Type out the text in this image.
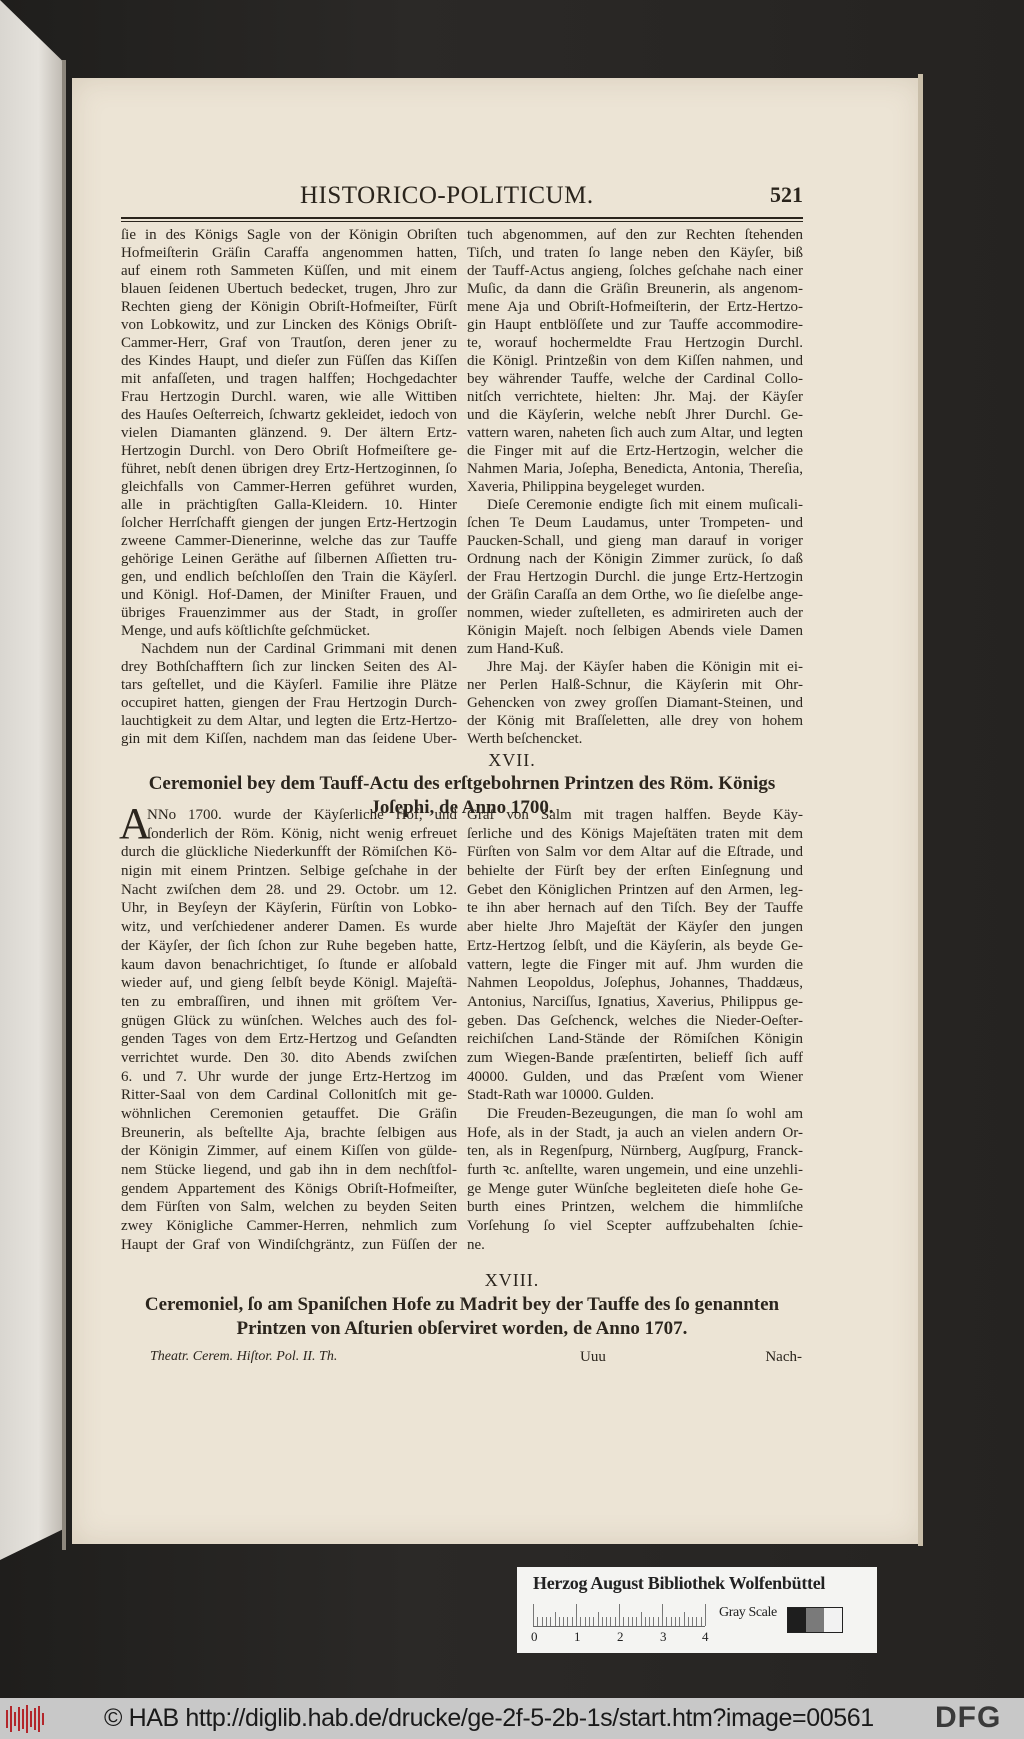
HISTORICO-POLITICUM.	521
ſie in des Königs Sagle von der Königin Obriſten
Hofmeiſterin Gräſin Caraffa angenommen hatten,
auf einem roth Sammeten Küſſen, und mit einem
blauen ſeidenen Ubertuch bedecket, trugen, Jhro zur
Rechten gieng der Königin Obriſt-Hofmeiſter, Fürſt
von Lobkowitz, und zur Lincken des Königs Obriſt-
Cammer-Herr, Graf von Trautſon, deren jener zu
des Kindes Haupt, und dieſer zun Füſſen das Kiſſen
mit anfaſſeten, und tragen halffen; Hochgedachter
Frau Hertzogin Durchl. waren, wie alle Wittiben
des Hauſes Oeſterreich, ſchwartz gekleidet, iedoch von
vielen Diamanten glänzend. 9. Der ältern Ertz-
Hertzogin Durchl. von Dero Obriſt Hofmeiſtere ge-
führet, nebſt denen übrigen drey Ertz-Hertzoginnen, ſo
gleichfalls von Cammer-Herren geführet wurden,
alle in prächtigſten Galla-Kleidern. 10. Hinter
ſolcher Herrſchafft giengen der jungen Ertz-Hertzogin
zweene Cammer-Dienerinne, welche das zur Tauffe
gehörige Leinen Geräthe auf ſilbernen Aſſietten tru-
gen, und endlich beſchloſſen den Train die Käyſerl.
und Königl. Hof-Damen, der Miniſter Frauen, und
übriges Frauenzimmer aus der Stadt, in groſſer
Menge, und aufs köſtlichſte geſchmücket.
Nachdem nun der Cardinal Grimmani mit denen
drey Bothſchafftern ſich zur lincken Seiten des Al-
tars geſtellet, und die Käyſerl. Familie ihre Plätze
occupiret hatten, giengen der Frau Hertzogin Durch-
lauchtigkeit zu dem Altar, und legten die Ertz-Hertzo-
gin mit dem Kiſſen, nachdem man das ſeidene Uber-
tuch abgenommen, auf den zur Rechten ſtehenden
Tiſch, und traten ſo lange neben den Käyſer, biß
der Tauff-Actus angieng, ſolches geſchahe nach einer
Muſic, da dann die Gräſin Breunerin, als angenom-
mene Aja und Obriſt-Hofmeiſterin, der Ertz-Hertzo-
gin Haupt entblöſſete und zur Tauffe accommodire-
te, worauf hochermeldte Frau Hertzogin Durchl.
die Königl. Printzeßin von dem Kiſſen nahmen, und
bey währender Tauffe, welche der Cardinal Collo-
nitſch verrichtete, hielten: Jhr. Maj. der Käyſer
und die Käyſerin, welche nebſt Jhrer Durchl. Ge-
vattern waren, naheten ſich auch zum Altar, und legten
die Finger mit auf die Ertz-Hertzogin, welcher die
Nahmen Maria, Joſepha, Benedicta, Antonia, Thereſia,
Xaveria, Philippina beygeleget wurden.
Dieſe Ceremonie endigte ſich mit einem muſicali-
ſchen Te Deum Laudamus, unter Trompeten- und
Paucken-Schall, und gieng man darauf in voriger
Ordnung nach der Königin Zimmer zurück, ſo daß
der Frau Hertzogin Durchl. die junge Ertz-Hertzogin
der Gräſin Caraſſa an dem Orthe, wo ſie dieſelbe ange-
nommen, wieder zuſtelleten, es admirireten auch der
Königin Majeſt. noch ſelbigen Abends viele Damen
zum Hand-Kuß.
Jhre Maj. der Käyſer haben die Königin mit ei-
ner Perlen Halß-Schnur, die Käyſerin mit Ohr-
Gehencken von zwey groſſen Diamant-Steinen, und
der König mit Braſſeletten, alle drey von hohem
Werth beſchencket.
XVII.
Ceremoniel bey dem Tauff-Actu des erſtgebohrnen Printzen des Röm. Königs
Joſephi, de Anno 1700.
A
NNo 1700. wurde der Käyſerliche Hof, und
ſonderlich der Röm. König, nicht wenig erfreuet
durch die glückliche Niederkunfft der Römiſchen Kö-
nigin mit einem Printzen. Selbige geſchahe in der
Nacht zwiſchen dem 28. und 29. Octobr. um 12.
Uhr, in Beyſeyn der Käyſerin, Fürſtin von Lobko-
witz, und verſchiedener anderer Damen. Es wurde
der Käyſer, der ſich ſchon zur Ruhe begeben hatte,
kaum davon benachrichtiget, ſo ſtunde er alſobald
wieder auf, und gieng ſelbſt beyde Königl. Majeſtä-
ten zu embraſſiren, und ihnen mit gröſtem Ver-
gnügen Glück zu wünſchen. Welches auch des fol-
genden Tages von dem Ertz-Hertzog und Geſandten
verrichtet wurde. Den 30. dito Abends zwiſchen
6. und 7. Uhr wurde der junge Ertz-Hertzog im
Ritter-Saal von dem Cardinal Collonitſch mit ge-
wöhnlichen Ceremonien getauffet. Die Gräſin
Breunerin, als beſtellte Aja, brachte ſelbigen aus
der Königin Zimmer, auf einem Kiſſen von gülde-
nem Stücke liegend, und gab ihn in dem nechſtfol-
gendem Appartement des Königs Obriſt-Hofmeiſter,
dem Fürſten von Salm, welchen zu beyden Seiten
zwey Königliche Cammer-Herren, nehmlich zum
Haupt der Graf von Windiſchgräntz, zun Füſſen der
Graf von Salm mit tragen halffen. Beyde Käy-
ſerliche und des Königs Majeſtäten traten mit dem
Fürſten von Salm vor dem Altar auf die Eſtrade, und
behielte der Fürſt bey der erſten Einſegnung und
Gebet den Königlichen Printzen auf den Armen, leg-
te ihn aber hernach auf den Tiſch. Bey der Tauffe
aber hielte Jhro Majeſtät der Käyſer den jungen
Ertz-Hertzog ſelbſt, und die Käyſerin, als beyde Ge-
vattern, legte die Finger mit auf. Jhm wurden die
Nahmen Leopoldus, Joſephus, Johannes, Thaddæus,
Antonius, Narciſſus, Ignatius, Xaverius, Philippus ge-
geben. Das Geſchenck, welches die Nieder-Oeſter-
reichiſchen Land-Stände der Römiſchen Königin
zum Wiegen-Bande præſentirten, belieff ſich auff
40000. Gulden, und das Præſent vom Wiener
Stadt-Rath war 10000. Gulden.
Die Freuden-Bezeugungen, die man ſo wohl am
Hofe, als in der Stadt, ja auch an vielen andern Or-
ten, als in Regenſpurg, Nürnberg, Augſpurg, Franck-
furth ꝛc. anſtellte, waren ungemein, und eine unzehli-
ge Menge guter Wünſche begleiteten dieſe hohe Ge-
burth eines Printzen, welchem die himmliſche
Vorſehung ſo viel Scepter auffzubehalten ſchie-
ne.
XVIII.
Ceremoniel, ſo am Spaniſchen Hofe zu Madrit bey der Tauffe des ſo genannten
Printzen von Aſturien obſerviret worden, de Anno 1707.
Theatr. Cerem. Hiſtor. Pol. II. Th.	Uuu	Nach-
Herzog August Bibliothek Wolfenbüttel
0	1	2	3	4
Gray Scale
© HAB http://diglib.hab.de/drucke/ge-2f-5-2b-1s/start.htm?image=00561 DFG
